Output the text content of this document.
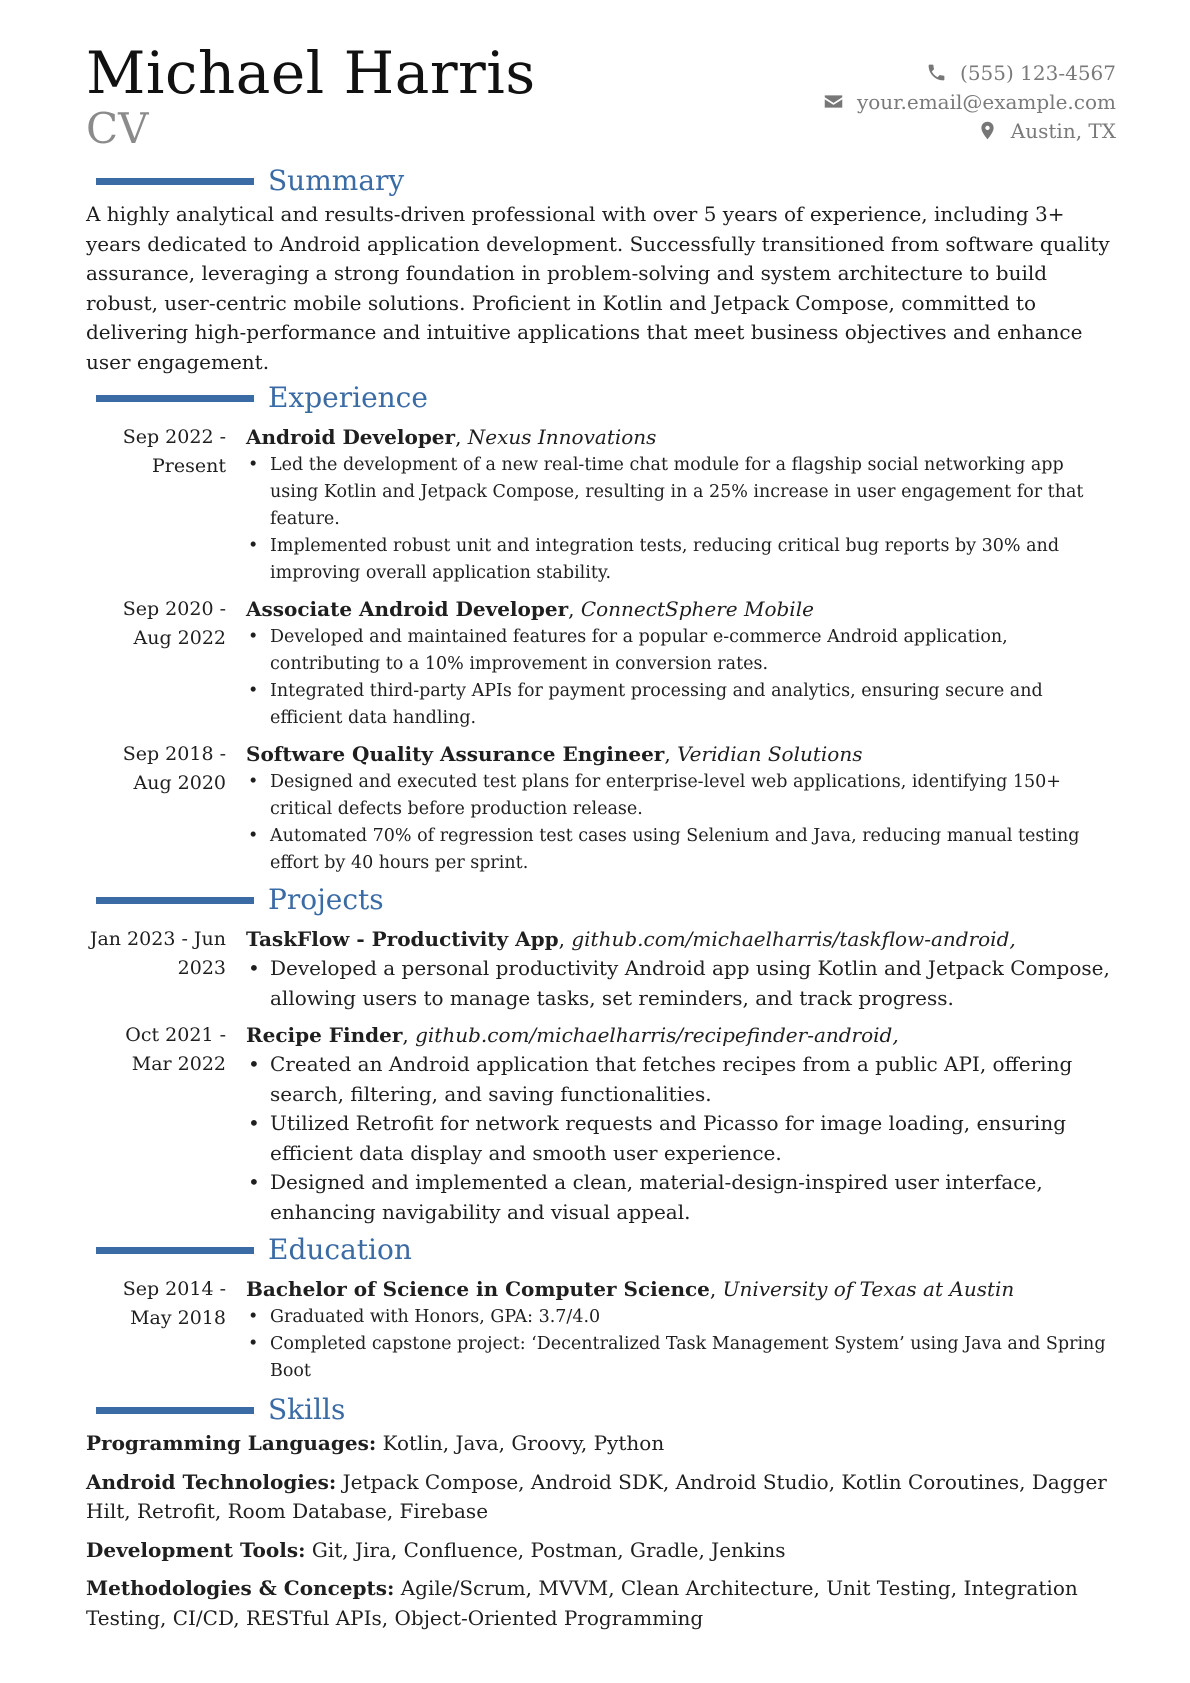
Michael Harris
CV
(555) 123-4567
your.email@example.com
Austin, TX
Summary

A highly analytical and results-driven professional with over 5 years of experience, including 3+ years dedicated to Android application development. Successfully transitioned from software quality assurance, leveraging a strong foundation in problem-solving and system architecture to build robust, user-centric mobile solutions. Proficient in Kotlin and Jetpack Compose, committed to delivering high-performance and intuitive applications that meet business objectives and enhance user engagement.

Experience
Sep 2022 - Present
Android Developer, Nexus Innovations
• Led the development of a new real-time chat module for a flagship social networking app using Kotlin and Jetpack Compose, resulting in a 25% increase in user engagement for that feature.
• Implemented robust unit and integration tests, reducing critical bug reports by 30% and improving overall application stability.
Sep 2020 - Aug 2022
Associate Android Developer, ConnectSphere Mobile
• Developed and maintained features for a popular e-commerce Android application, contributing to a 10% improvement in conversion rates.
• Integrated third-party APIs for payment processing and analytics, ensuring secure and efficient data handling.
Sep 2018 - Aug 2020
Software Quality Assurance Engineer, Veridian Solutions
• Designed and executed test plans for enterprise-level web applications, identifying 150+ critical defects before production release.
• Automated 70% of regression test cases using Selenium and Java, reducing manual testing effort by 40 hours per sprint.
Projects
Jan 2023 - Jun 2023
TaskFlow - Productivity App, github.com/michaelharris/taskflow-android,
• Developed a personal productivity Android app using Kotlin and Jetpack Compose, allowing users to manage tasks, set reminders, and track progress.
Oct 2021 - Mar 2022
Recipe Finder, github.com/michaelharris/recipefinder-android,
• Created an Android application that fetches recipes from a public API, offering search, filtering, and saving functionalities.
• Utilized Retrofit for network requests and Picasso for image loading, ensuring efficient data display and smooth user experience.
• Designed and implemented a clean, material-design-inspired user interface, enhancing navigability and visual appeal.
Education
Sep 2014 - May 2018
Bachelor of Science in Computer Science, University of Texas at Austin
• Graduated with Honors, GPA: 3.7/4.0
• Completed capstone project: ‘Decentralized Task Management System’ using Java and Spring Boot
Skills
Programming Languages: Kotlin, Java, Groovy, Python
Android Technologies: Jetpack Compose, Android SDK, Android Studio, Kotlin Coroutines, Dagger Hilt, Retrofit, Room Database, Firebase
Development Tools: Git, Jira, Confluence, Postman, Gradle, Jenkins
Methodologies & Concepts: Agile/Scrum, MVVM, Clean Architecture, Unit Testing, Integration Testing, CI/CD, RESTful APIs, Object-Oriented Programming
